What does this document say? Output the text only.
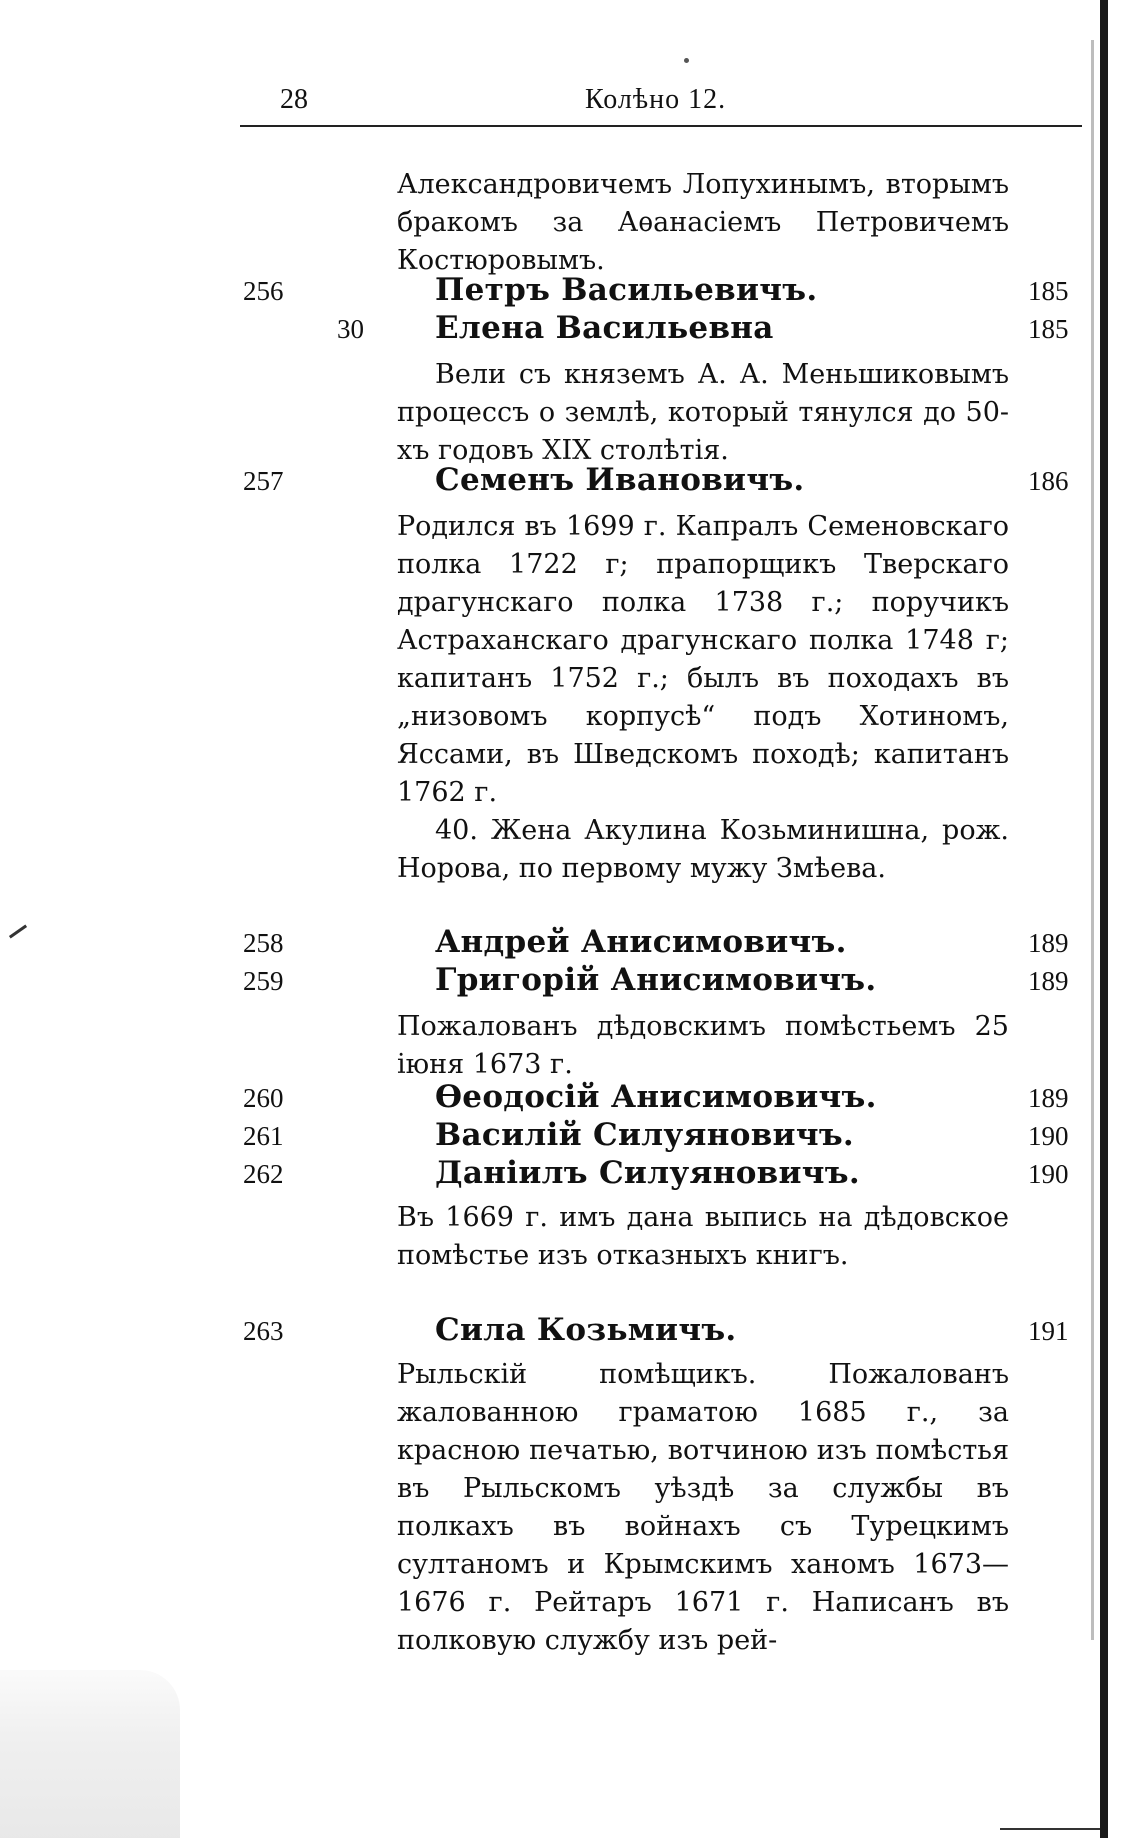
28	Колѣно 12.

Александровичемъ Лопухинымъ, вторымъ бракомъ за Аѳанасіемъ Петровичемъ Костюровымъ.

256	Петръ Васильевичъ.	185
30 Елена Васильевна	185

Вели съ княземъ А. А. Меньшиковымъ процессъ о землѣ, который тянулся до 50-хъ годовъ XIX столѣтія.

257	Семенъ Ивановичъ.	186

Родился въ 1699 г. Капралъ Семеновскаго полка 1722 г; прапорщикъ Тверскаго драгунскаго полка 1738 г.; поручикъ Астраханскаго драгунскаго полка 1748 г; капитанъ 1752 г.; былъ въ походахъ въ „низовомъ корпусѣ“ подъ Хотиномъ, Яссами, въ Шведскомъ походѣ; капитанъ 1762 г.

40. Жена Акулина Козьминишна, рож. Норова, по первому мужу Змѣева.

258	Андрей Анисимовичъ.	189
259	Григорій Анисимовичъ.	189

Пожалованъ дѣдовскимъ помѣстьемъ 25 іюня 1673 г.

260	Ѳеодосій Анисимовичъ.	189
261	Василій Силуяновичъ.	190
262	Даніилъ Силуяновичъ.	190

Въ 1669 г. имъ дана выпись на дѣдовское помѣстье изъ отказныхъ книгъ.

263	Сила Козьмичъ.	191

Рыльскій помѣщикъ. Пожалованъ жалованною граматою 1685 г., за красною печатью, вотчиною изъ помѣстья въ Рыльскомъ уѣздѣ за службы въ полкахъ въ войнахъ съ Турецкимъ султаномъ и Крымскимъ ханомъ 1673—1676 г. Рейтаръ 1671 г. Написанъ въ полковую службу изъ рей-
